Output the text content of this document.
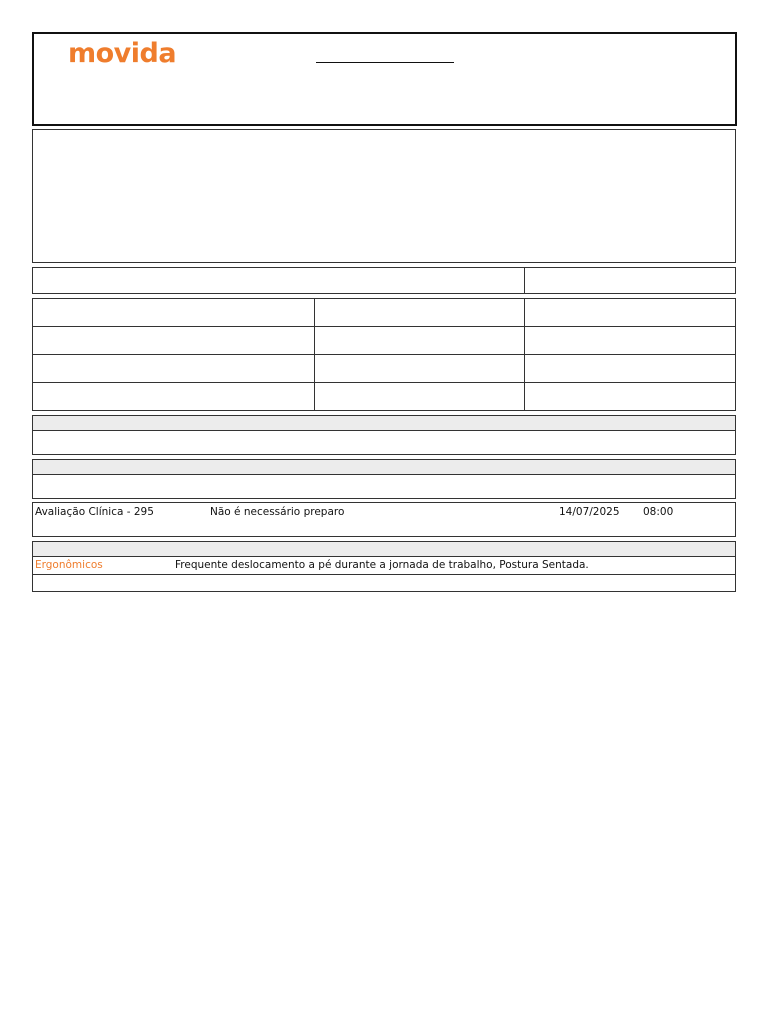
movida
Avaliação Clínica - 295	Não é necessário preparo	14/07/2025 08:00
Ergonômicos	Frequente deslocamento a pé durante a jornada de trabalho, Postura Sentada.
